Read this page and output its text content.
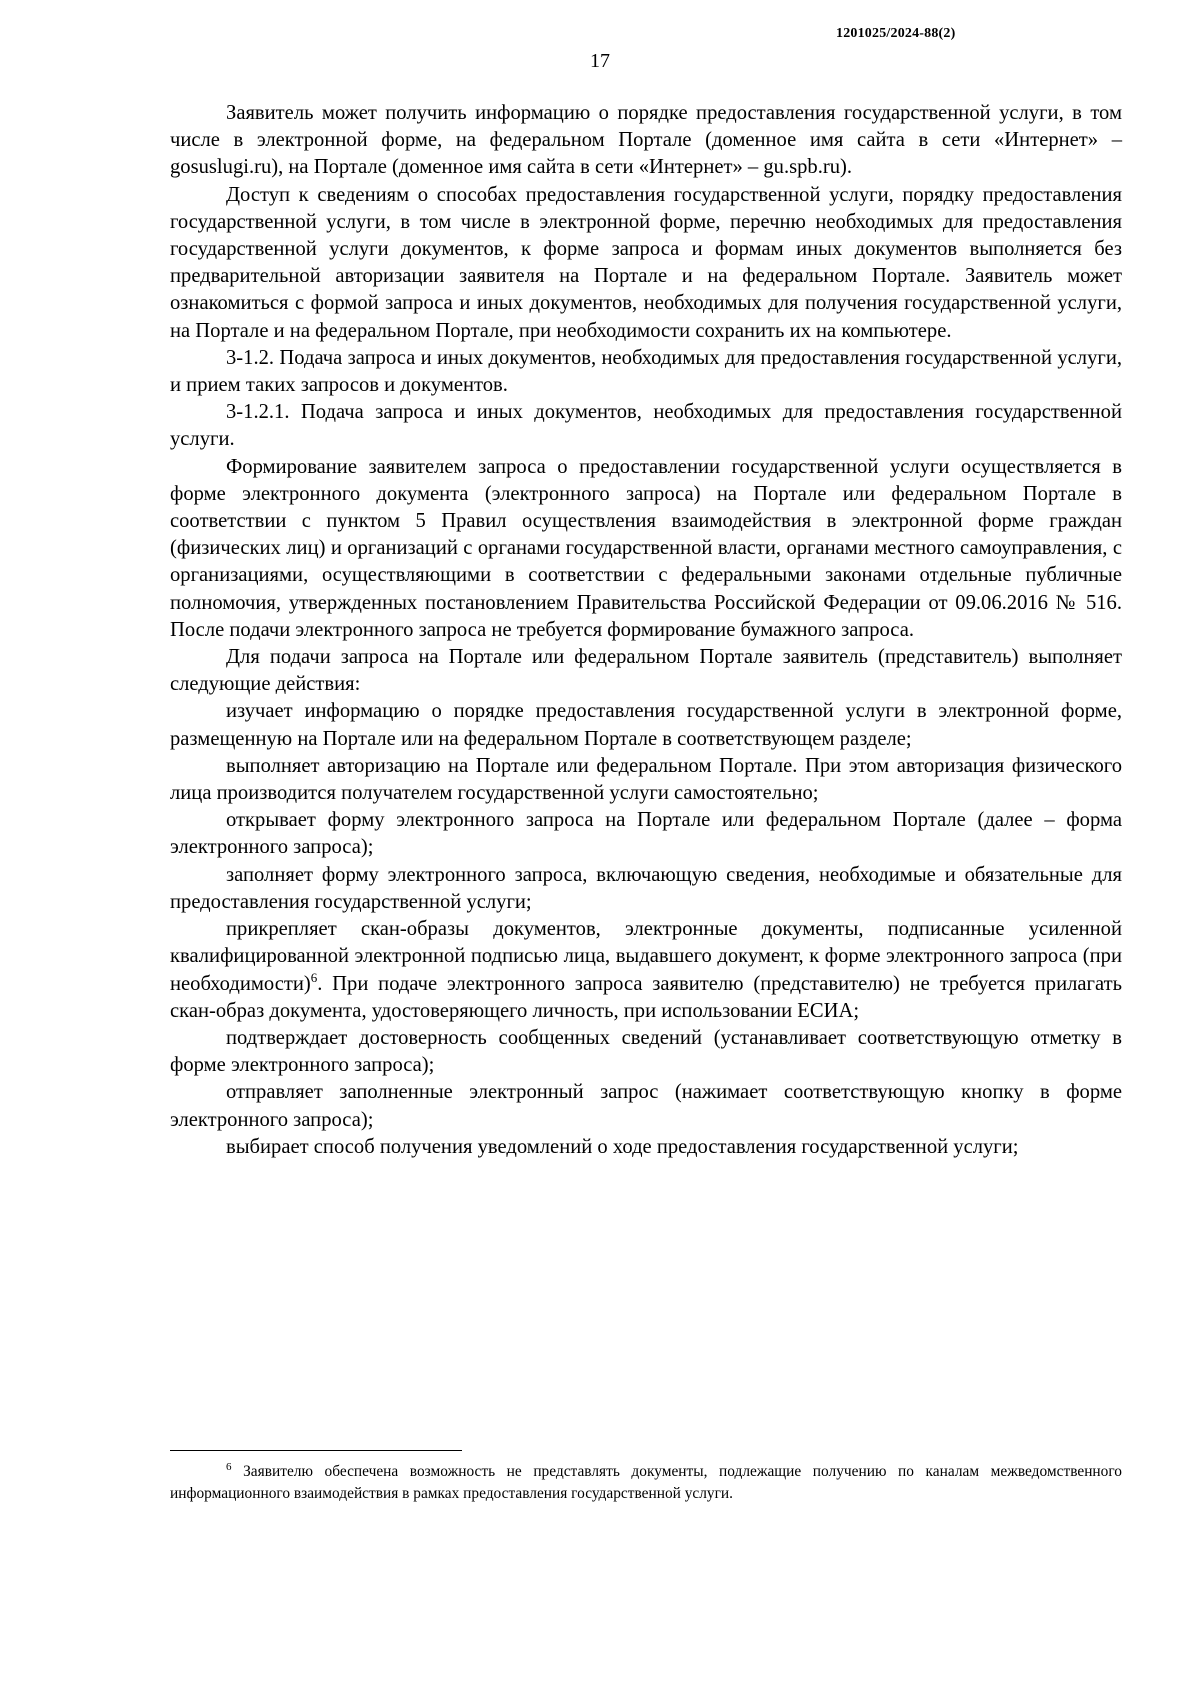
1201025/2024-88(2)
17

Заявитель может получить информацию о порядке предоставления государственной услуги, в том числе в электронной форме, на федеральном Портале (доменное имя сайта в сети «Интернет» – gosuslugi.ru), на Портале (доменное имя сайта в сети «Интернет» – gu.spb.ru).

Доступ к сведениям о способах предоставления государственной услуги, порядку предоставления государственной услуги, в том числе в электронной форме, перечню необходимых для предоставления государственной услуги документов, к форме запроса и формам иных документов выполняется без предварительной авторизации заявителя на Портале и на федеральном Портале. Заявитель может ознакомиться с формой запроса и иных документов, необходимых для получения государственной услуги, на Портале и на федеральном Портале, при необходимости сохранить их на компьютере.

3-1.2. Подача запроса и иных документов, необходимых для предоставления государственной услуги, и прием таких запросов и документов.

3-1.2.1. Подача запроса и иных документов, необходимых для предоставления государственной услуги.

Формирование заявителем запроса о предоставлении государственной услуги осуществляется в форме электронного документа (электронного запроса) на Портале или федеральном Портале в соответствии с пунктом 5 Правил осуществления взаимодействия в электронной форме граждан (физических лиц) и организаций с органами государственной власти, органами местного самоуправления, с организациями, осуществляющими в соответствии с федеральными законами отдельные публичные полномочия, утвержденных постановлением Правительства Российской Федерации от 09.06.2016 № 516. После подачи электронного запроса не требуется формирование бумажного запроса.

Для подачи запроса на Портале или федеральном Портале заявитель (представитель) выполняет следующие действия:

изучает информацию о порядке предоставления государственной услуги в электронной форме, размещенную на Портале или на федеральном Портале в соответствующем разделе;

выполняет авторизацию на Портале или федеральном Портале. При этом авторизация физического лица производится получателем государственной услуги самостоятельно;

открывает форму электронного запроса на Портале или федеральном Портале (далее – форма электронного запроса);

заполняет форму электронного запроса, включающую сведения, необходимые и обязательные для предоставления государственной услуги;

прикрепляет скан-образы документов, электронные документы, подписанные усиленной квалифицированной электронной подписью лица, выдавшего документ, к форме электронного запроса (при необходимости)$^6$. При подаче электронного запроса заявителю (представителю) не требуется прилагать скан-образ документа, удостоверяющего личность, при использовании ЕСИА;

подтверждает достоверность сообщенных сведений (устанавливает соответствующую отметку в форме электронного запроса);

отправляет заполненные электронный запрос (нажимает соответствующую кнопку в форме электронного запроса);

выбирает способ получения уведомлений о ходе предоставления государственной услуги;

$^6$ Заявителю обеспечена возможность не представлять документы, подлежащие получению по каналам межведомственного информационного взаимодействия в рамках предоставления государственной услуги.
